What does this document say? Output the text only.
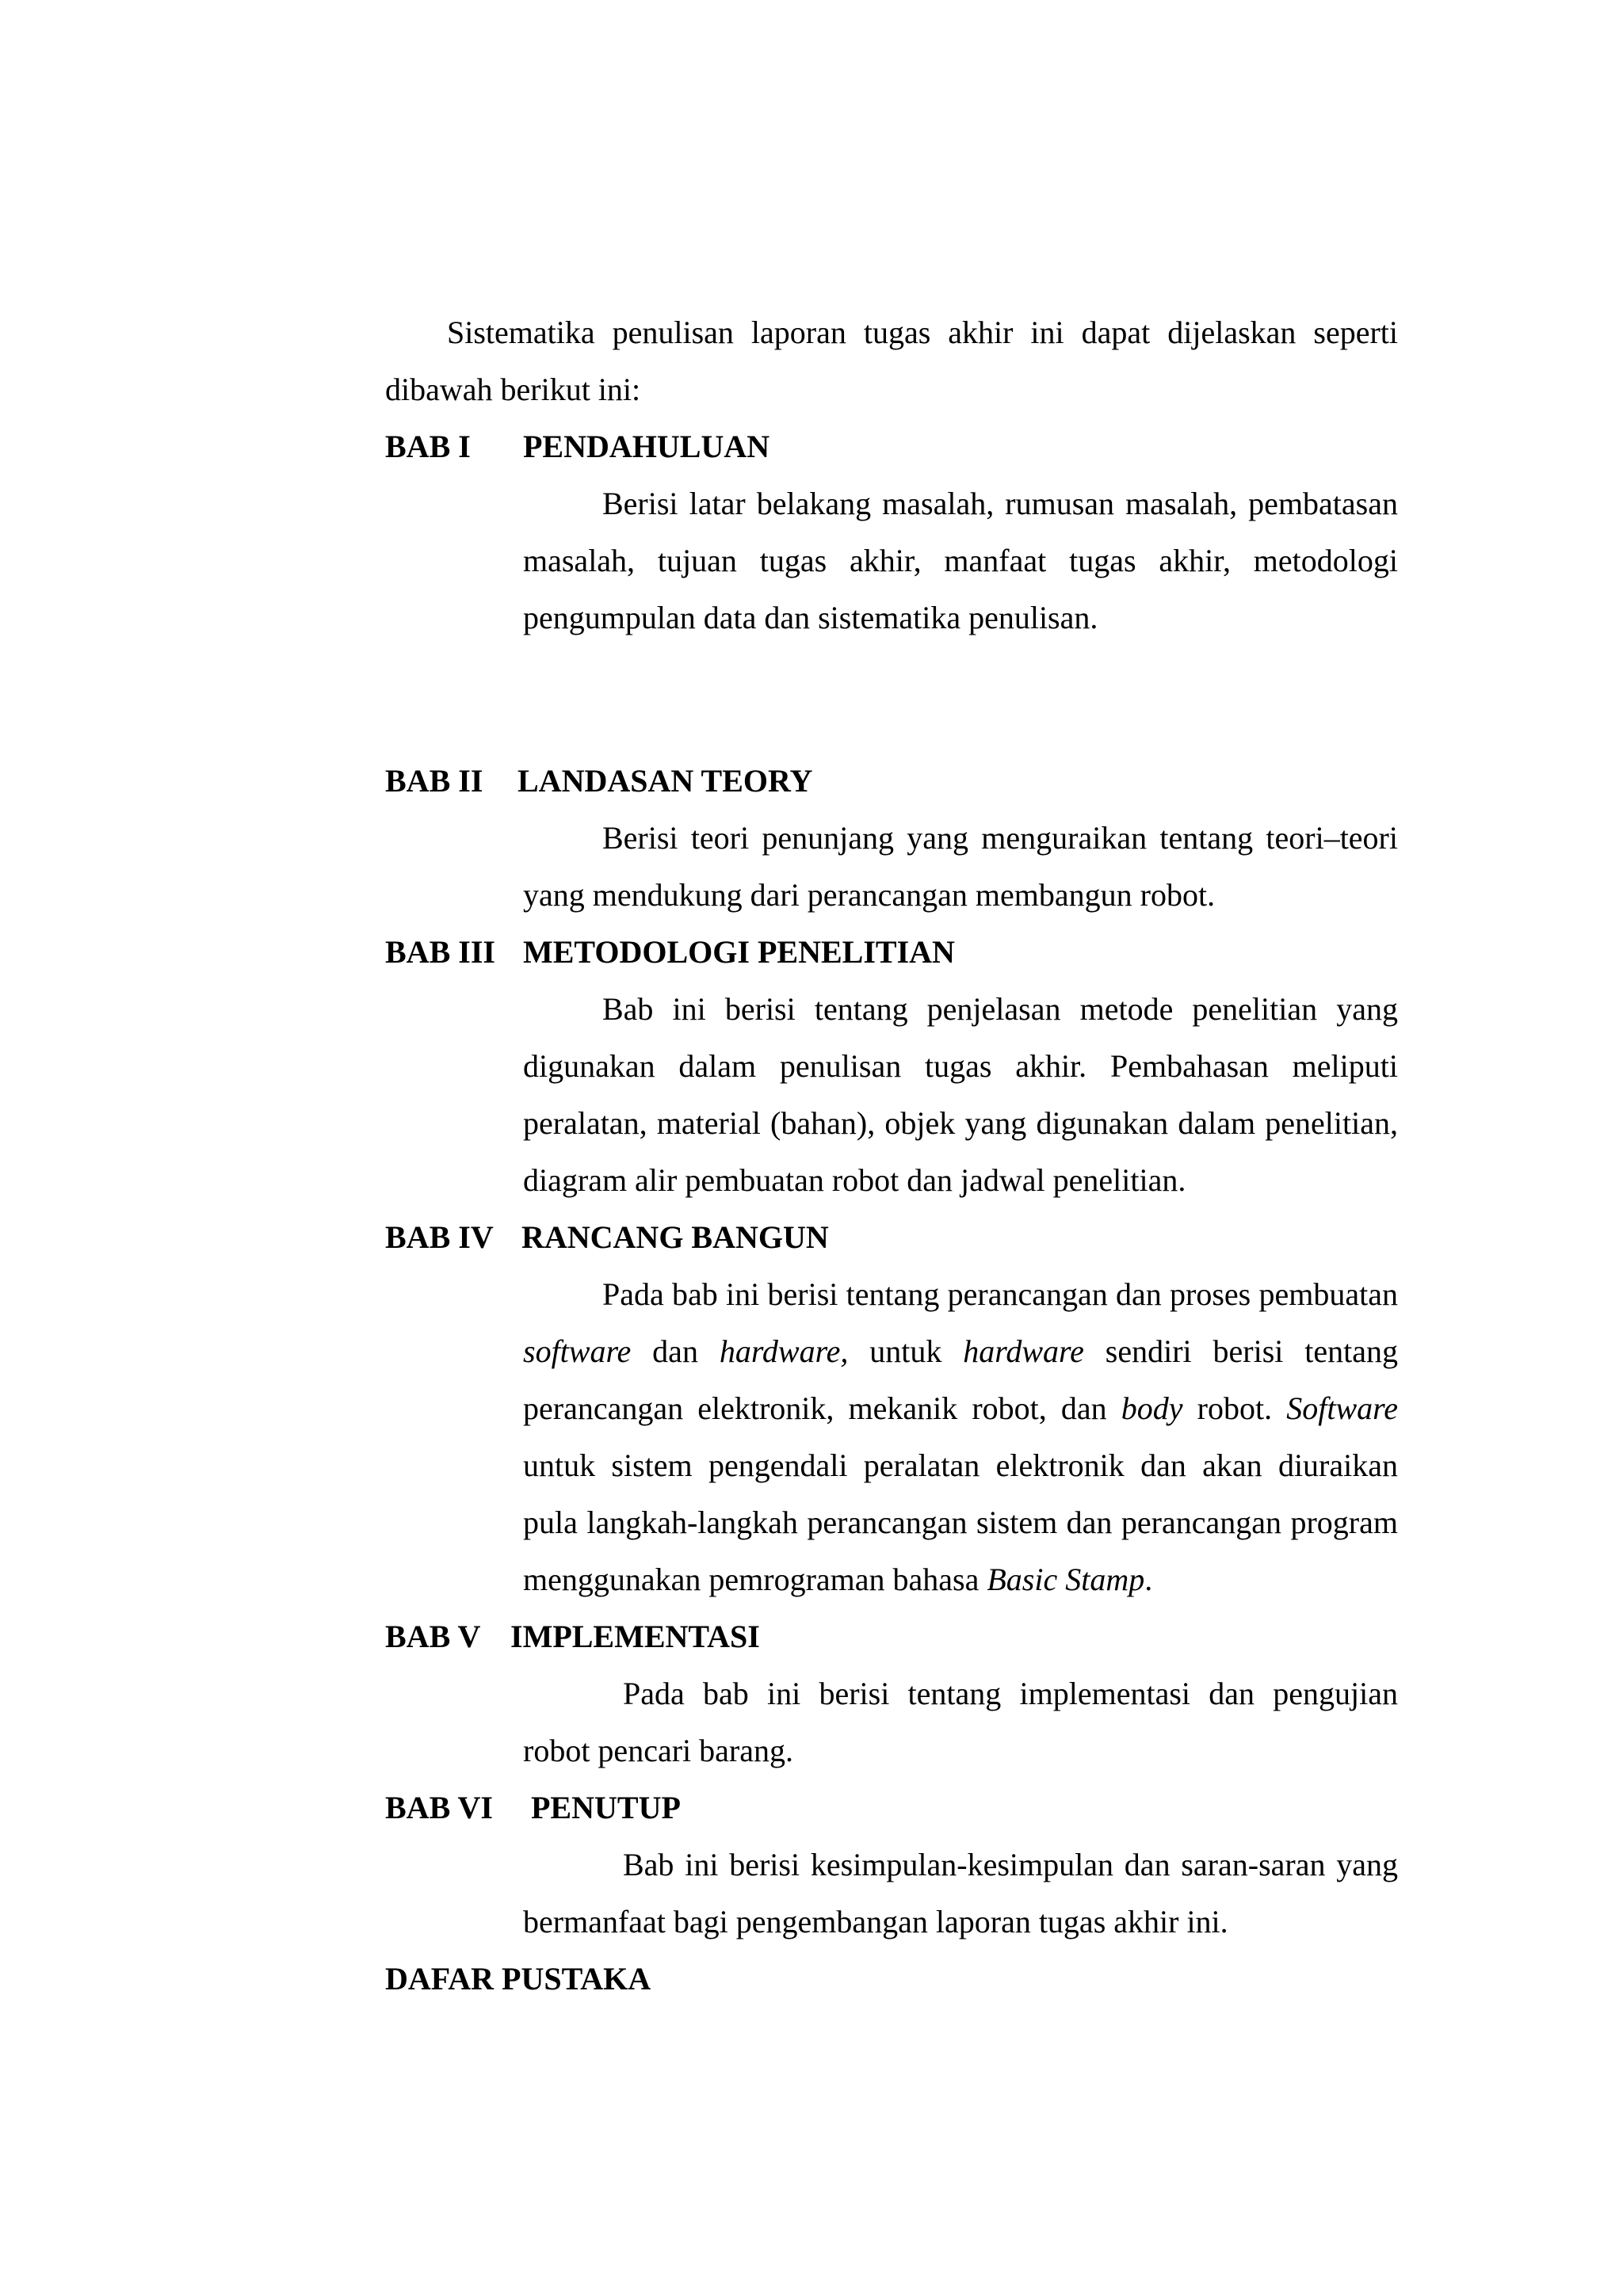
Sistematika penulisan laporan tugas akhir ini dapat dijelaskan seperti dibawah berikut ini:

BAB I	PENDAHULUAN
Berisi latar belakang masalah, rumusan masalah, pembatasan masalah, tujuan tugas akhir, manfaat tugas akhir, metodologi pengumpulan data dan sistematika penulisan.
BAB II	LANDASAN TEORY
Berisi teori penunjang yang menguraikan tentang teori–teori yang mendukung dari perancangan membangun robot.
BAB III METODOLOGI PENELITIAN
Bab ini berisi tentang penjelasan metode penelitian yang digunakan dalam penulisan tugas akhir. Pembahasan meliputi peralatan, material (bahan), objek yang digunakan dalam penelitian, diagram alir pembuatan robot dan jadwal penelitian.
BAB IV RANCANG BANGUN
Pada bab ini berisi tentang perancangan dan proses pembuatan software dan hardware, untuk hardware sendiri berisi tentang perancangan elektronik, mekanik robot, dan body robot. Software untuk sistem pengendali peralatan elektronik dan akan diuraikan pula langkah-langkah perancangan sistem dan perancangan program menggunakan pemrograman bahasa Basic Stamp.
BAB V IMPLEMENTASI
Pada bab ini berisi tentang implementasi dan pengujian robot pencari barang.
BAB VI	PENUTUP
Bab ini berisi kesimpulan-kesimpulan dan saran-saran yang bermanfaat bagi pengembangan laporan tugas akhir ini.
DAFAR PUSTAKA
